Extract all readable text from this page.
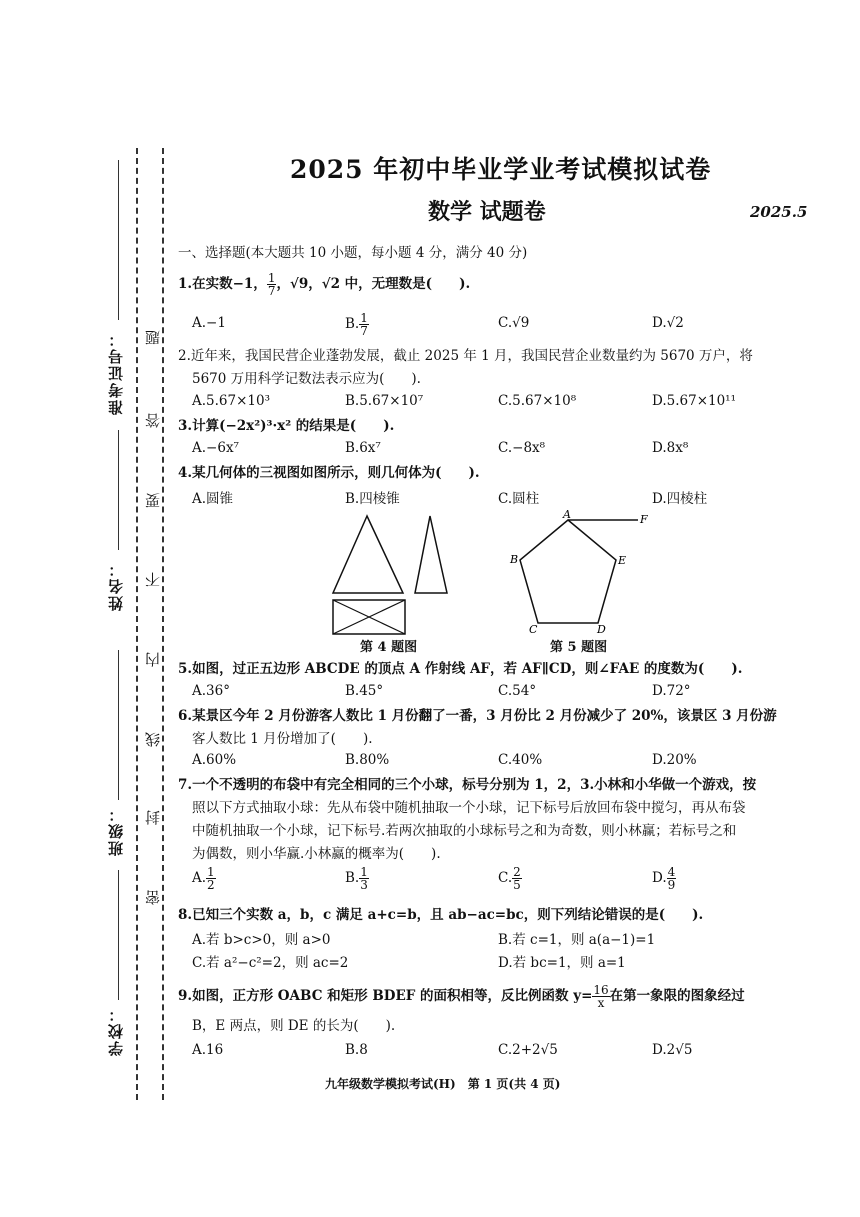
准考证号：
姓名：
班级：
学校：
题
答
要
不
内
线
封
密
2025 年初中毕业学业考试模拟试卷
数学 试题卷	2025.5
一、选择题(本大题共 10 小题，每小题 4 分，满分 40 分)
1.在实数−1， $\frac{1}{7}$ ，√9，√2 中，无理数是(　　).
A.−1	B. $\frac{1}{7}$	C.√9	D.√2
2.近年来，我国民营企业蓬勃发展，截止 2025 年 1 月，我国民营企业数量约为 5670 万户，将
5670 万用科学记数法表示应为(　　).
A.5.67×10³	B.5.67×10⁷	C.5.67×10⁸	D.5.67×10¹¹
3.计算(−2x²)³·x² 的结果是(　　).
A.−6x⁷	B.6x⁷	C.−8x⁸	D.8x⁸
4.某几何体的三视图如图所示，则几何体为(　　).
A.圆锥	B.四棱锥	C.圆柱	D.四棱柱
第 4 题图
A	F
B	E
C	D
第 5 题图
5.如图，过正五边形 ABCDE 的顶点 A 作射线 AF，若 AF∥CD，则∠FAE 的度数为(　　).
A.36°	B.45°	C.54°	D.72°
6.某景区今年 2 月份游客人数比 1 月份翻了一番，3 月份比 2 月份减少了 20%，该景区 3 月份游
客人数比 1 月份增加了(　　).
A.60%	B.80%	C.40%	D.20%
7.一个不透明的布袋中有完全相同的三个小球，标号分别为 1，2，3.小林和小华做一个游戏，按
照以下方式抽取小球：先从布袋中随机抽取一个小球，记下标号后放回布袋中搅匀，再从布袋
中随机抽取一个小球，记下标号.若两次抽取的小球标号之和为奇数，则小林赢；若标号之和
为偶数，则小华赢.小林赢的概率为(　　).
A. $\frac{1}{2}$	B. $\frac{1}{3}$	C. $\frac{2}{5}$	D. $\frac{4}{9}$
8.已知三个实数 a，b，c 满足 a+c=b，且 ab−ac=bc，则下列结论错误的是(　　).
A.若 b>c>0，则 a>0	B.若 c=1，则 a(a−1)=1
C.若 a²−c²=2，则 ac=2	D.若 bc=1，则 a=1
9.如图，正方形 OABC 和矩形 BDEF 的面积相等，反比例函数 $y= \frac{16}{x}$ 在第一象限的图象经过
B，E 两点，则 DE 的长为(　　).
A.16	B.8	C.2+2√5	D.2√5
九年级数学模拟考试(H)　第 1 页(共 4 页)
